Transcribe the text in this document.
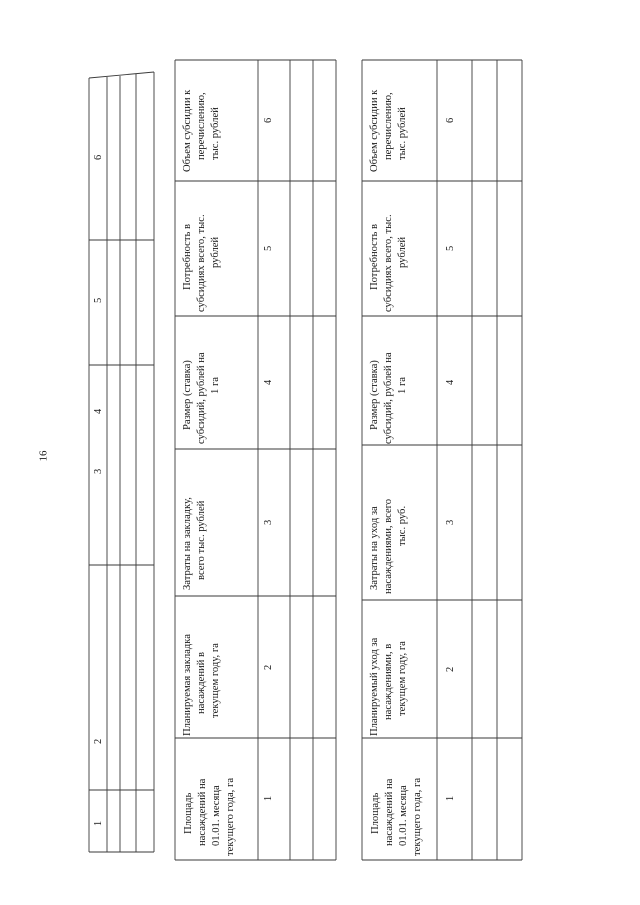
16
1
2
3
4
5
6
Площадь насаждений на 01.01. месяца текущего года, га
Планируемая закладка насаждений в текущем году, га
Затраты на закладку, всего тыс. рублей
Размер (ставка) субсидий, рублей на 1 га
Потребность в субсидиях всего, тыс. рублей
Объем субсидии к перечислению, тыс. рублей
1
2
3
4
5
6
Площадь насаждений на 01.01. месяца текущего года, га
Планируемый уход за насаждениями, в текущем году, га
Затраты на уход за насаждениями, всего тыс. руб.
Размер (ставка) субсидий, рублей на 1 га
Потребность в субсидиях всего, тыс. рублей
Объем субсидии к перечислению, тыс. рублей
1
2
3
4
5
6
